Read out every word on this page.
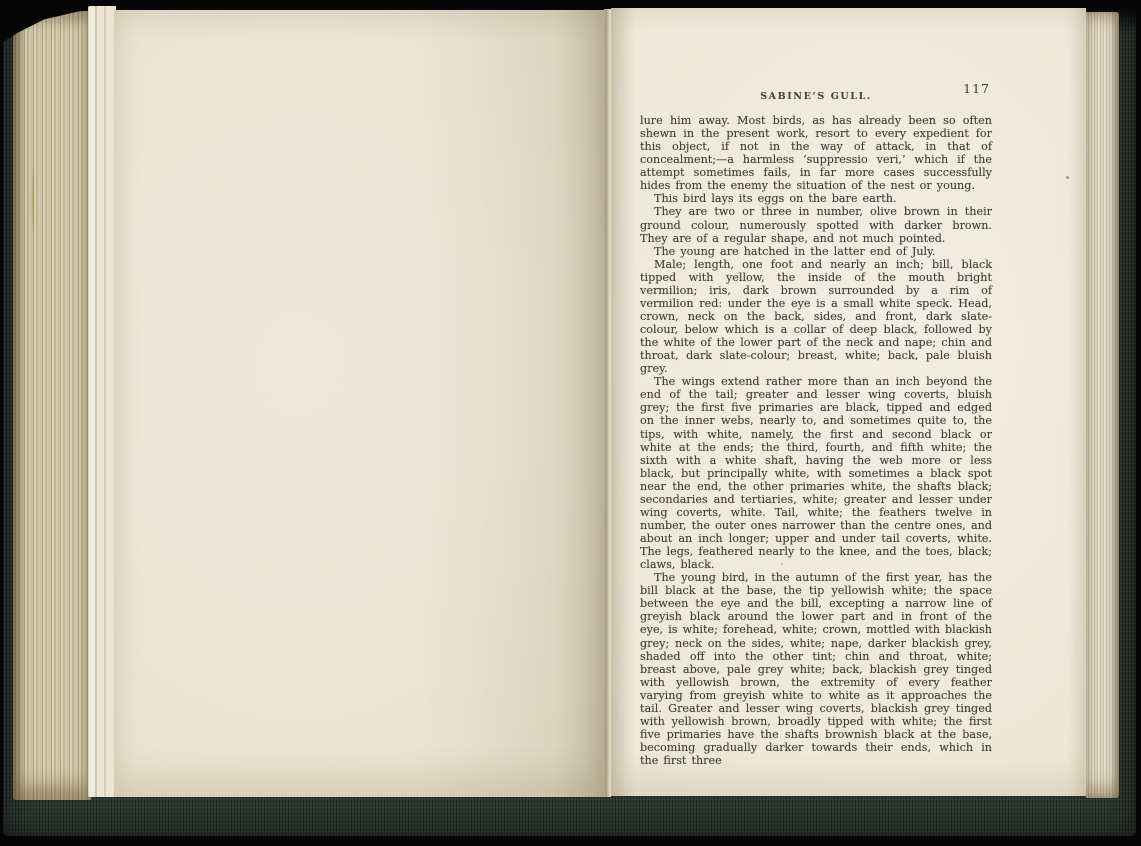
SABINE’S GULL.
117

lure him away. Most birds, as has already been so often shewn in the present work, resort to every expedient for this object, if not in the way of attack, in that of concealment;—a harmless ‘suppressio veri,’ which if the attempt sometimes fails, in far more cases successfully hides from the enemy the situation of the nest or young.

This bird lays its eggs on the bare earth.

They are two or three in number, olive brown in their ground colour, numerously spotted with darker brown. They are of a regular shape, and not much pointed.

The young are hatched in the latter end of July.

Male; length, one foot and nearly an inch; bill, black tipped with yellow, the inside of the mouth bright vermilion; iris, dark brown surrounded by a rim of vermilion red: under the eye is a small white speck. Head, crown, neck on the back, sides, and front, dark slate-colour, below which is a collar of deep black, followed by the white of the lower part of the neck and nape; chin and throat, dark slate-colour; breast, white; back, pale bluish grey.

The wings extend rather more than an inch beyond the end of the tail; greater and lesser wing coverts, bluish grey; the first five primaries are black, tipped and edged on the inner webs, nearly to, and sometimes quite to, the tips, with white, namely, the first and second black or white at the ends; the third, fourth, and fifth white; the sixth with a white shaft, having the web more or less black, but principally white, with sometimes a black spot near the end, the other primaries white, the shafts black; secondaries and tertiaries, white; greater and lesser under wing coverts, white. Tail, white; the feathers twelve in number, the outer ones narrower than the centre ones, and about an inch longer; upper and under tail coverts, white. The legs, feathered nearly to the knee, and the toes, black; claws, black.

The young bird, in the autumn of the first year, has the bill black at the base, the tip yellowish white; the space between the eye and the bill, excepting a narrow line of greyish black around the lower part and in front of the eye, is white; forehead, white; crown, mottled with blackish grey; neck on the sides, white; nape, darker blackish grey, shaded off into the other tint; chin and throat, white; breast above, pale grey white; back, blackish grey tinged with yellowish brown, the extremity of every feather varying from greyish white to white as it approaches the tail. Greater and lesser wing coverts, blackish grey tinged with yellowish brown, broadly tipped with white; the first five primaries have the shafts brownish black at the base, becoming gradually darker towards their ends, which in the first three
